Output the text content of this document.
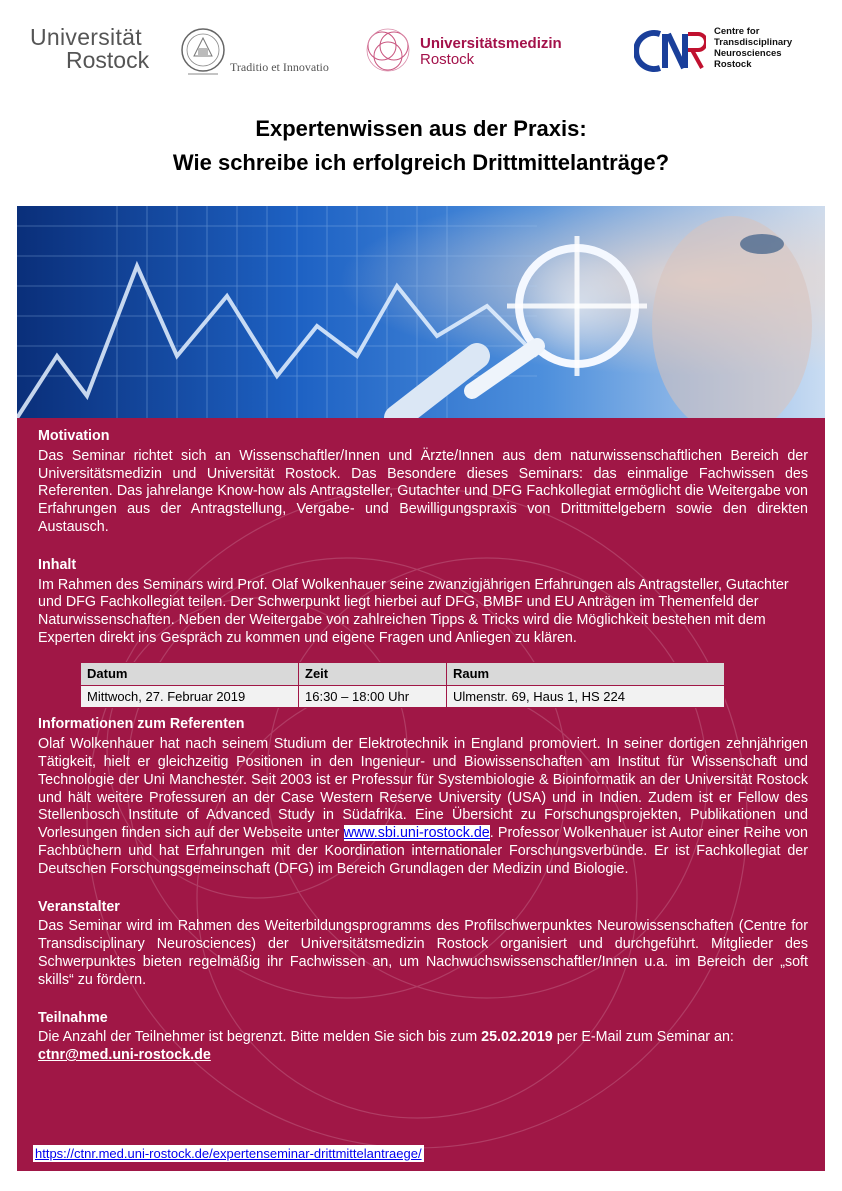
Universität
Rostock	Traditio et Innovatio
Universitätsmedizin
Rostock
Centre for
Transdisciplinary
Neurosciences
Rostock
Expertenwissen aus der Praxis:
Wie schreibe ich erfolgreich Drittmittelanträge?
Motivation

Das Seminar richtet sich an Wissenschaftler/Innen und Ärzte/Innen aus dem naturwissenschaftlichen Bereich der Universitätsmedizin und Universität Rostock. Das Besondere dieses Seminars: das einmalige Fachwissen des Referenten. Das jahrelange Know-how als Antragsteller, Gutachter und DFG Fachkollegiat ermöglicht die Weitergabe von Erfahrungen aus der Antragstellung, Vergabe- und Bewilligungspraxis von Drittmittelgebern sowie den direkten Austausch.

Inhalt

Im Rahmen des Seminars wird Prof. Olaf Wolkenhauer seine zwanzigjährigen Erfahrungen als Antragsteller, Gutachter und DFG Fachkollegiat teilen. Der Schwerpunkt liegt hierbei auf DFG, BMBF und EU Anträgen im Themenfeld der Naturwissenschaften. Neben der Weitergabe von zahlreichen Tipps & Tricks wird die Möglichkeit bestehen mit dem Experten direkt ins Gespräch zu kommen und eigene Fragen und Anliegen zu klären.

Datum	Zeit	Raum
Mittwoch, 27. Februar 2019	16:30 – 18:00 Uhr	Ulmenstr. 69, Haus 1, HS 224
Informationen zum Referenten

Olaf Wolkenhauer hat nach seinem Studium der Elektrotechnik in England promoviert. In seiner dortigen zehnjährigen Tätigkeit, hielt er gleichzeitig Positionen in den Ingenieur- und Biowissenschaften am Institut für Wissenschaft und Technologie der Uni Manchester. Seit 2003 ist er Professur für Systembiologie & Bioinformatik an der Universität Rostock und hält weitere Professuren an der Case Western Reserve University (USA) und in Indien. Zudem ist er Fellow des Stellenbosch Institute of Advanced Study in Südafrika. Eine Übersicht zu Forschungsprojekten, Publikationen und Vorlesungen finden sich auf der Webseite unter www.sbi.uni-rostock.de. Professor Wolkenhauer ist Autor einer Reihe von Fachbüchern und hat Erfahrungen mit der Koordination internationaler Forschungsverbünde. Er ist Fachkollegiat der Deutschen Forschungsgemeinschaft (DFG) im Bereich Grundlagen der Medizin und Biologie.

Veranstalter

Das Seminar wird im Rahmen des Weiterbildungsprogramms des Profilschwerpunktes Neurowissenschaften (Centre for Transdisciplinary Neurosciences) der Universitätsmedizin Rostock organisiert und durchgeführt. Mitglieder des Schwerpunktes bieten regelmäßig ihr Fachwissen an, um Nachwuchswissenschaftler/Innen u.a. im Bereich der „soft skills“ zu fördern.

Teilnahme

Die Anzahl der Teilnehmer ist begrenzt. Bitte melden Sie sich bis zum 25.02.2019 per E-Mail zum Seminar an: ctnr@med.uni-rostock.de

https://ctnr.med.uni-rostock.de/expertenseminar-drittmittelantraege/
